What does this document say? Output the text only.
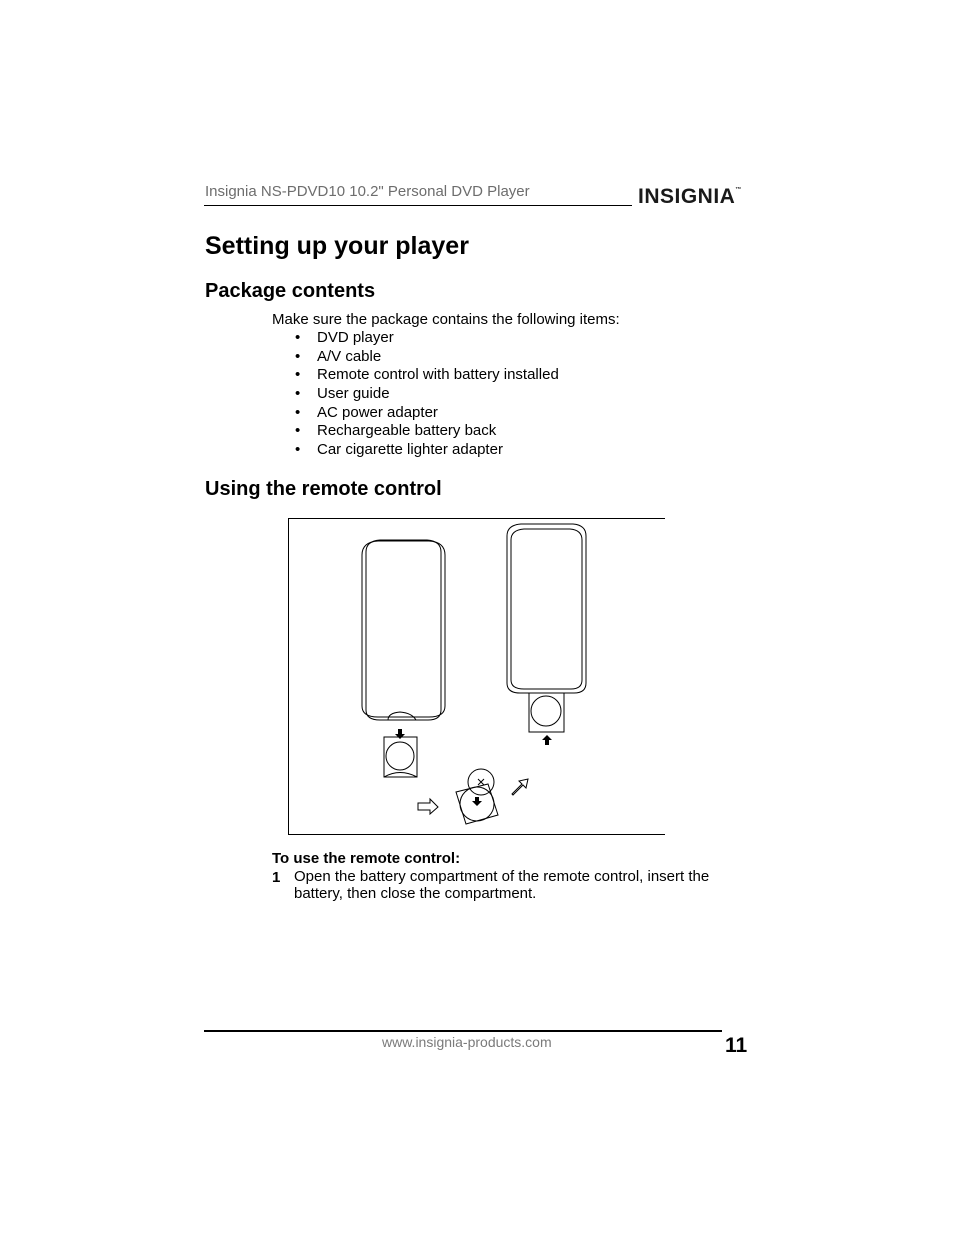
Insignia NS-PDVD10 10.2" Personal DVD Player	INSIGNIA™
Setting up your player
Package contents
Make sure the package contains the following items:
• DVD player
• A/V cable
• Remote control with battery installed
• User guide
• AC power adapter
• Rechargeable battery back
• Car cigarette lighter adapter
Using the remote control
To use the remote control:
1 Open the battery compartment of the remote control, insert the battery, then close the compartment.
www.insignia-products.com	11
